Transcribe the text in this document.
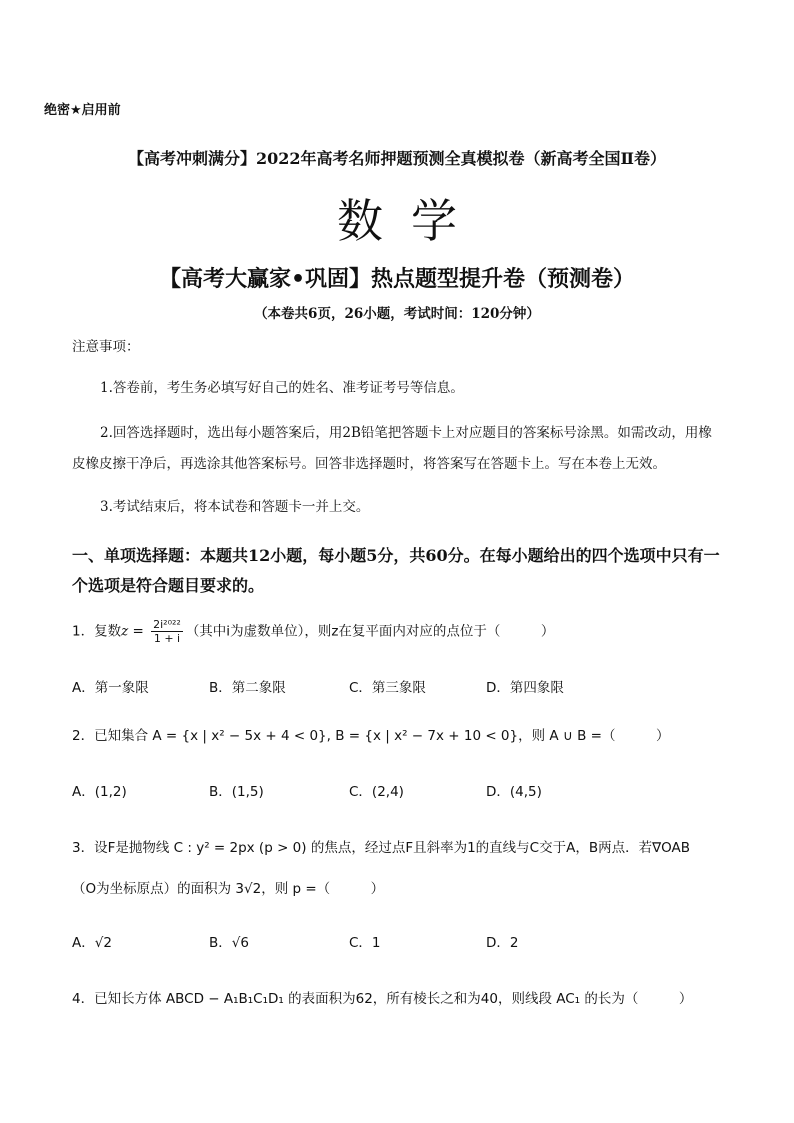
绝密★启用前
【高考冲刺满分】2022年高考名师押题预测全真模拟卷（新高考全国Ⅱ卷）
数学
【高考大赢家•巩固】热点题型提升卷（预测卷）
（本卷共6页，26小题，考试时间：120分钟）
注意事项：
1.答卷前，考生务必填写好自己的姓名、准考证考号等信息。
2.回答选择题时，选出每小题答案后，用2B铅笔把答题卡上对应题目的答案标号涂黑。如需改动，用橡皮橡皮擦干净后，再选涂其他答案标号。回答非选择题时，将答案写在答题卡上。写在本卷上无效。
3.考试结束后，将本试卷和答题卡一并上交。
一、单项选择题：本题共12小题，每小题5分，共60分。在每小题给出的四个选项中只有一个选项是符合题目要求的。
1．复数$z = \frac{\text{2i²⁰²²}}{1 + i}$ （其中i为虚数单位），则z在复平面内对应的点位于（　　　）
A．第一象限	B．第二象限	C．第三象限	D．第四象限
2．已知集合 A = {x | x² − 5x + 4 < 0}, B = {x | x² − 7x + 10 < 0}，则 A ∪ B =（　　　）
A．(1,2)	B．(1,5)	C．(2,4)	D．(4,5)
3．设F是抛物线 C : y² = 2px (p > 0) 的焦点，经过点F且斜率为1的直线与C交于A，B两点．若∇OAB
（O为坐标原点）的面积为 3√2，则 p =（　　　）
A．√2	B．√6	C．1	D．2
4．已知长方体 ABCD − A₁B₁C₁D₁ 的表面积为62，所有棱长之和为40，则线段 AC₁ 的长为（　　　）
